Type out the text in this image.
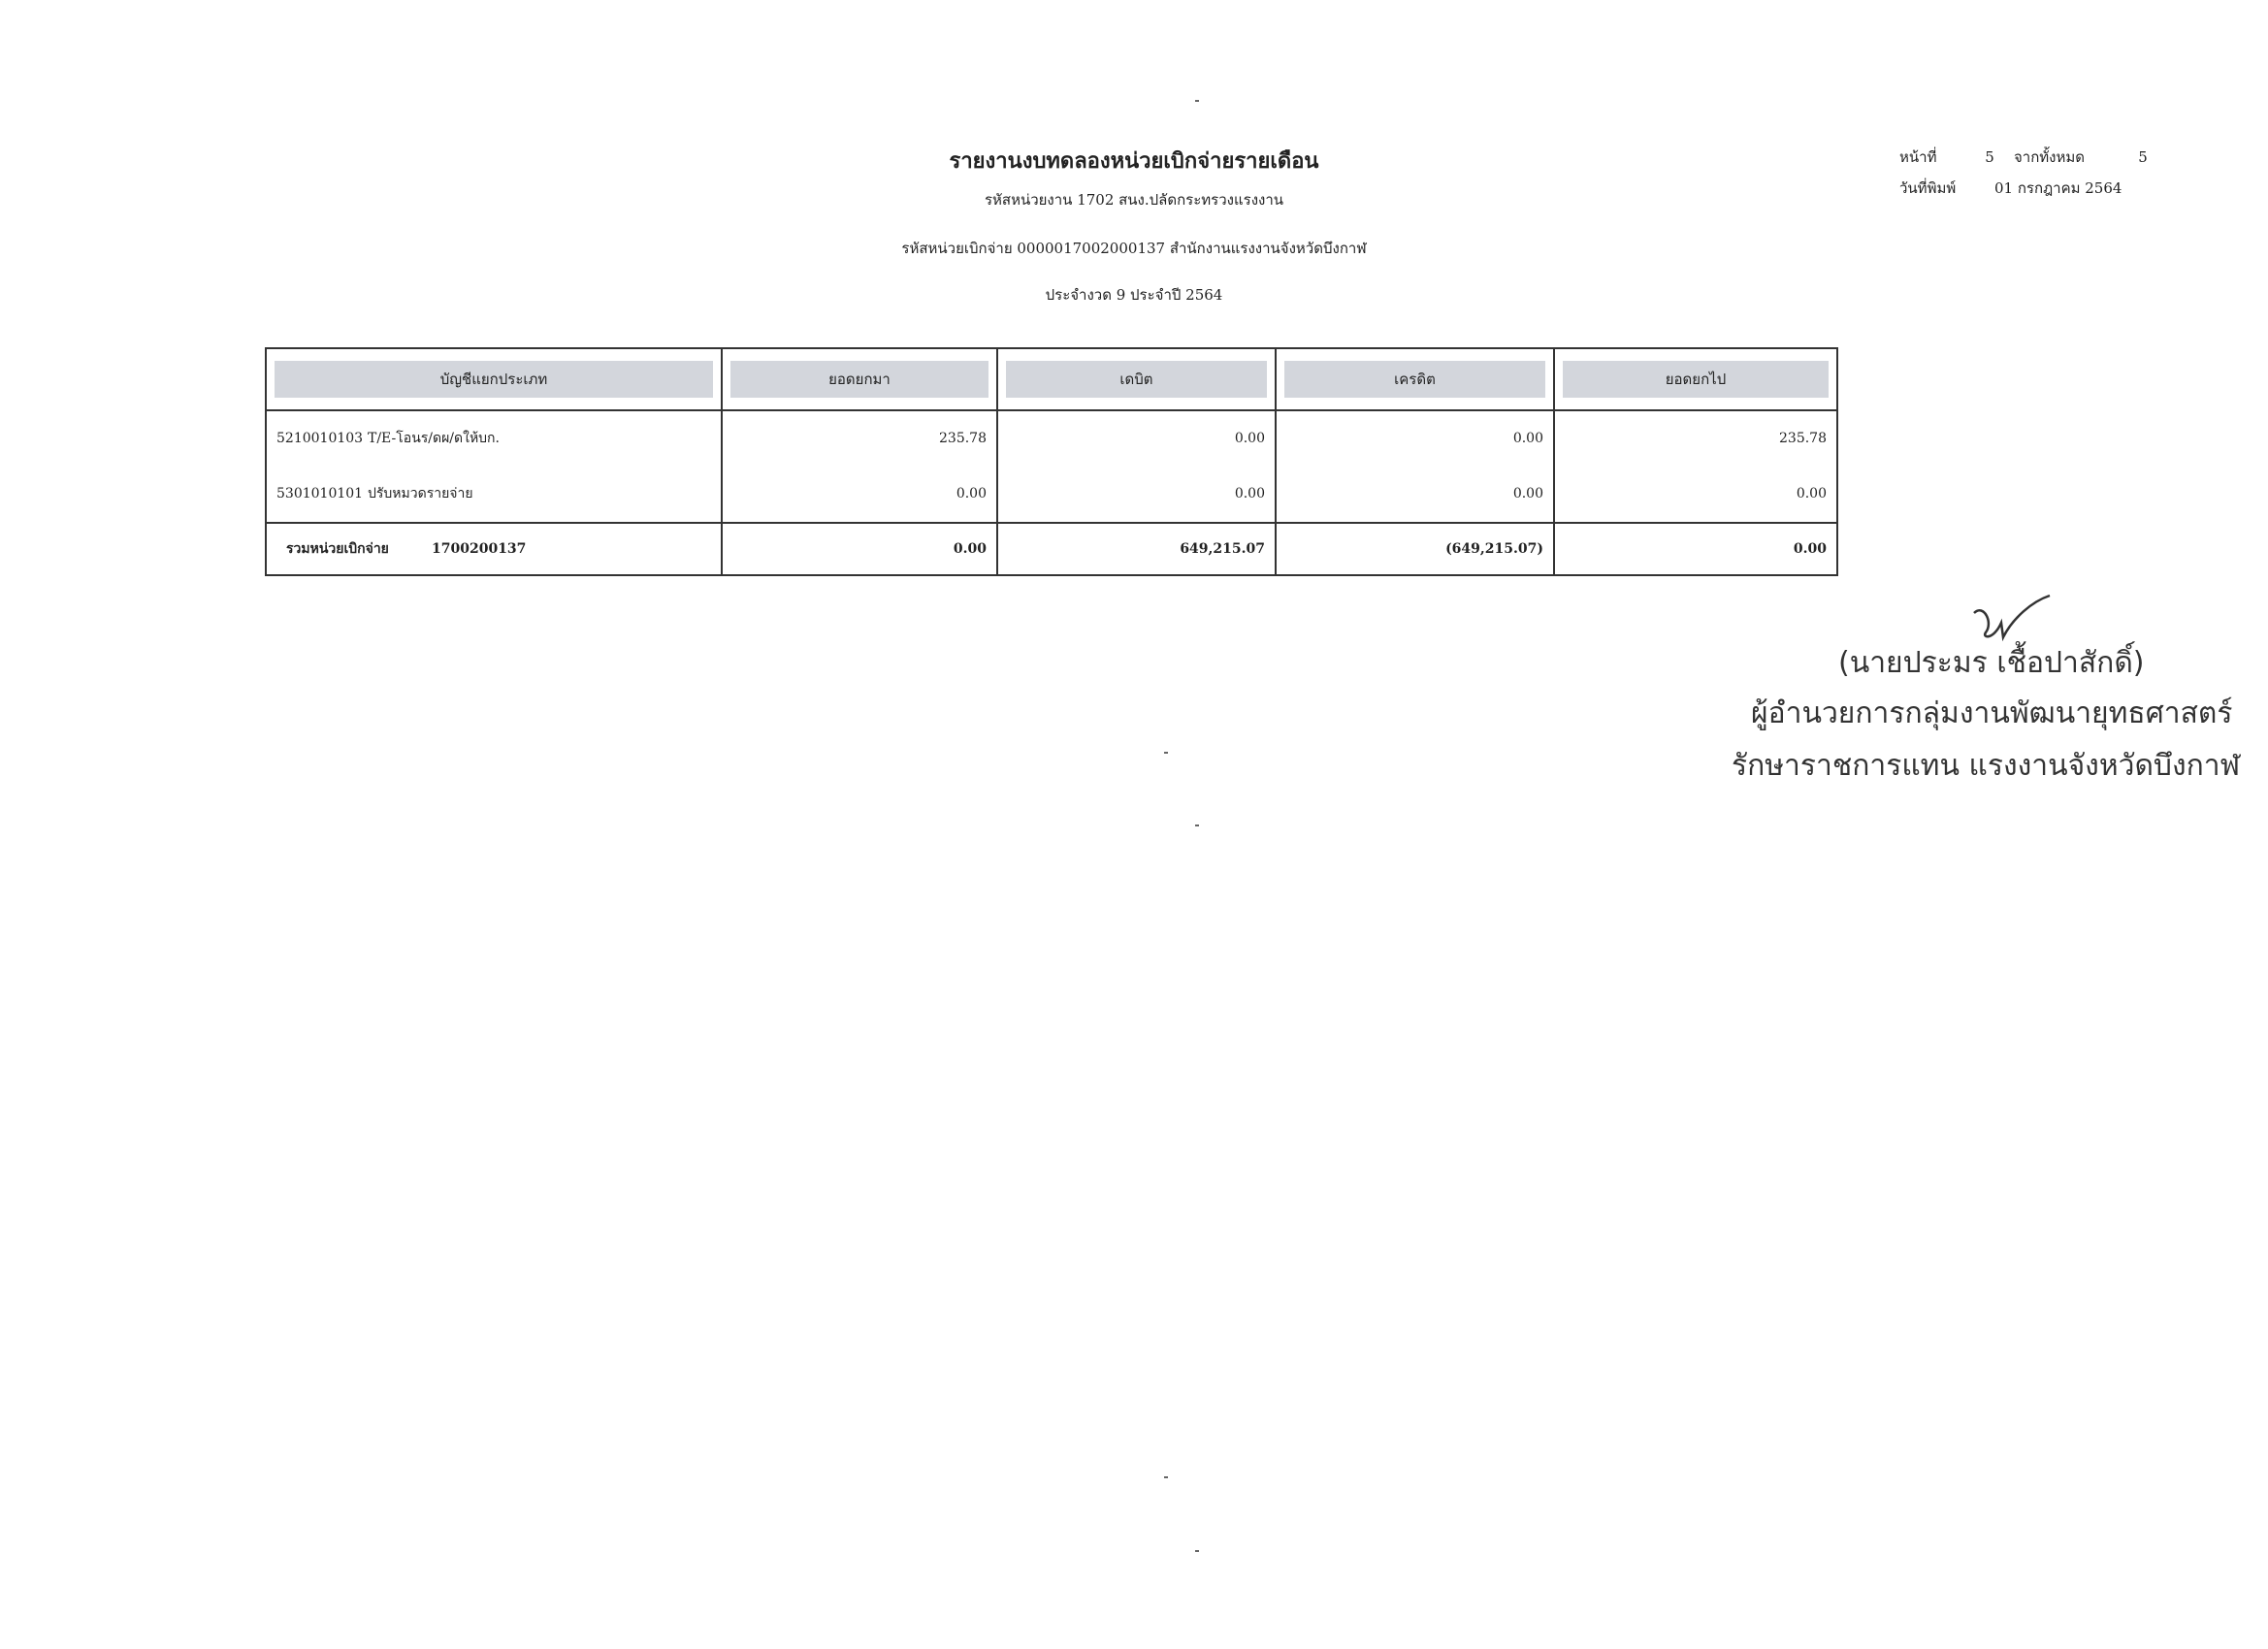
รายงานงบทดลองหน่วยเบิกจ่ายรายเดือน
รหัสหน่วยงาน 1702 สนง.ปลัดกระทรวงแรงงาน
รหัสหน่วยเบิกจ่าย 0000017002000137 สำนักงานแรงงานจังหวัดบึงกาฬ
ประจำงวด 9 ประจำปี 2564
หน้าที่	5 จากทั้งหมด	5
วันที่พิมพ์	01 กรกฎาคม 2564
บัญชีแยกประเภท	ยอดยกมา	เดบิต	เครดิต	ยอดยกไป

5210010103 T/E-โอนร/ดผ/ดให้บก.	235.78	0.00	0.00	235.78
5301010101 ปรับหมวดรายจ่าย	0.00	0.00	0.00	0.00
รวมหน่วยเบิกจ่าย 1700200137	0.00	649,215.07	(649,215.07)	0.00
(นายประมร เชื้อปาสักดิ์)
ผู้อำนวยการกลุ่มงานพัฒนายุทธศาสตร์
รักษาราชการแทน แรงงานจังหวัดบึงกาฬ
